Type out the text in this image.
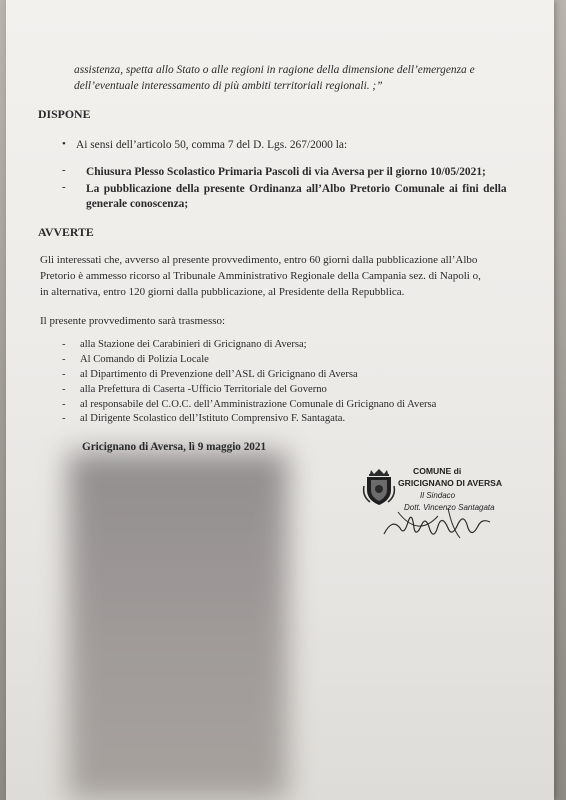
assistenza, spetta allo Stato o alle regioni in ragione della dimensione dell’emergenza e

dell’eventuale interessamento di più ambiti territoriali regionali. ;”

DISPONE
• Ai sensi dell’articolo 50, comma 7 del D. Lgs. 267/2000 la:

- Chiusura Plesso Scolastico Primaria Pascoli di via Aversa per il giorno 10/05/2021;

- La pubblicazione della presente Ordinanza all’Albo Pretorio Comunale ai fini della

generale conoscenza;

AVVERTE

Gli interessati che, avverso al presente provvedimento, entro 60 giorni dalla pubblicazione all’Albo

Pretorio è ammesso ricorso al Tribunale Amministrativo Regionale della Campania sez. di Napoli o,

in alternativa, entro 120 giorni dalla pubblicazione, al Presidente della Repubblica.

Il presente provvedimento sarà trasmesso:

- alla Stazione dei Carabinieri di Gricignano di Aversa;
- Al Comando di Polizia Locale
- al Dipartimento di Prevenzione dell’ASL di Gricignano di Aversa
- alla Prefettura di Caserta -Ufficio Territoriale del Governo
- al responsabile del C.O.C. dell’Amministrazione Comunale di Gricignano di Aversa
- al Dirigente Scolastico dell’Istituto Comprensivo F. Santagata.

Gricignano di Aversa, lì 9 maggio 2021

COMUNE di
GRICIGNANO DI AVERSA
Il Sindaco
Dott. Vincenzo Santagata
